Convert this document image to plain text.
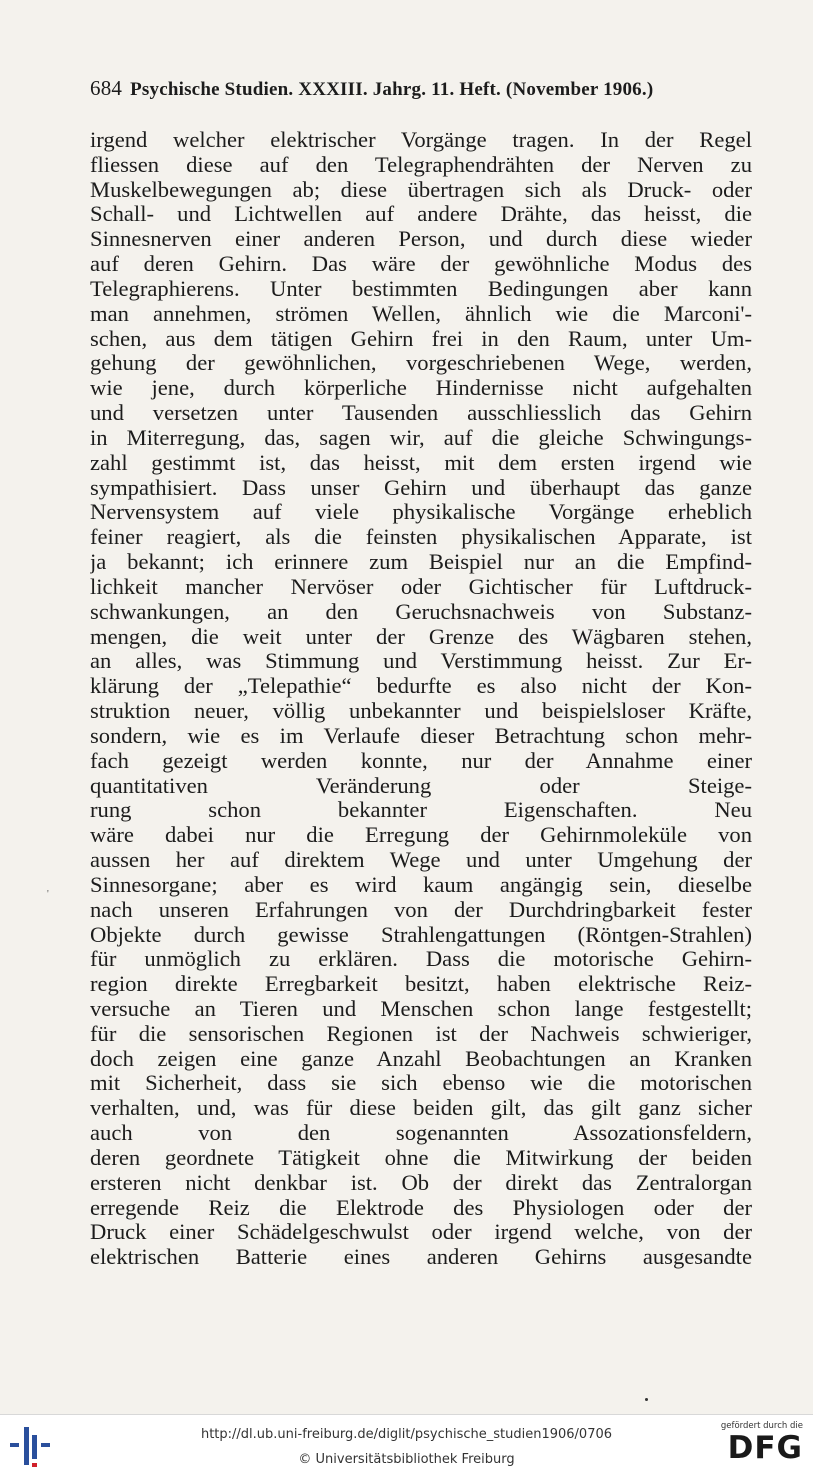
684 Psychische Studien. XXXIII. Jahrg. 11. Heft. (November 1906.)
irgend welcher elektrischer Vorgänge tragen. In der Regel
fliessen diese auf den Telegraphendrähten der Nerven zu
Muskelbewegungen ab; diese übertragen sich als Druck- oder
Schall- und Lichtwellen auf andere Drähte, das heisst, die
Sinnesnerven einer anderen Person, und durch diese wieder
auf deren Gehirn. Das wäre der gewöhnliche Modus des
Telegraphierens. Unter bestimmten Bedingungen aber kann
man annehmen, strömen Wellen, ähnlich wie die Marconi'-
schen, aus dem tätigen Gehirn frei in den Raum, unter Um-
gehung der gewöhnlichen, vorgeschriebenen Wege, werden,
wie jene, durch körperliche Hindernisse nicht aufgehalten
und versetzen unter Tausenden ausschliesslich das Gehirn
in Miterregung, das, sagen wir, auf die gleiche Schwingungs-
zahl gestimmt ist, das heisst, mit dem ersten irgend wie
sympathisiert. Dass unser Gehirn und überhaupt das ganze
Nervensystem auf viele physikalische Vorgänge erheblich
feiner reagiert, als die feinsten physikalischen Apparate, ist
ja bekannt; ich erinnere zum Beispiel nur an die Empfind-
lichkeit mancher Nervöser oder Gichtischer für Luftdruck-
schwankungen, an den Geruchsnachweis von Substanz-
mengen, die weit unter der Grenze des Wägbaren stehen,
an alles, was Stimmung und Verstimmung heisst. Zur Er-
klärung der „Telepathie“ bedurfte es also nicht der Kon-
struktion neuer, völlig unbekannter und beispielsloser Kräfte,
sondern, wie es im Verlaufe dieser Betrachtung schon mehr-
fach gezeigt werden konnte, nur der Annahme einer
quantitativen Veränderung oder Steige-
rung schon bekannter Eigenschaften. Neu
wäre dabei nur die Erregung der Gehirnmoleküle von
aussen her auf direktem Wege und unter Umgehung der
Sinnesorgane; aber es wird kaum angängig sein, dieselbe
nach unseren Erfahrungen von der Durchdringbarkeit fester
Objekte durch gewisse Strahlengattungen (Röntgen-Strahlen)
für unmöglich zu erklären. Dass die motorische Gehirn-
region direkte Erregbarkeit besitzt, haben elektrische Reiz-
versuche an Tieren und Menschen schon lange festgestellt;
für die sensorischen Regionen ist der Nachweis schwieriger,
doch zeigen eine ganze Anzahl Beobachtungen an Kranken
mit Sicherheit, dass sie sich ebenso wie die motorischen
verhalten, und, was für diese beiden gilt, das gilt ganz sicher
auch von den sogenannten Assozationsfeldern,
deren geordnete Tätigkeit ohne die Mitwirkung der beiden
ersteren nicht denkbar ist. Ob der direkt das Zentralorgan
erregende Reiz die Elektrode des Physiologen oder der
Druck einer Schädelgeschwulst oder irgend welche, von der
elektrischen Batterie eines anderen Gehirns ausgesandte
'
http://dl.ub.uni-freiburg.de/diglit/psychische_studien1906/0706
© Universitätsbibliothek Freiburg
gefördert durch die
DFG
